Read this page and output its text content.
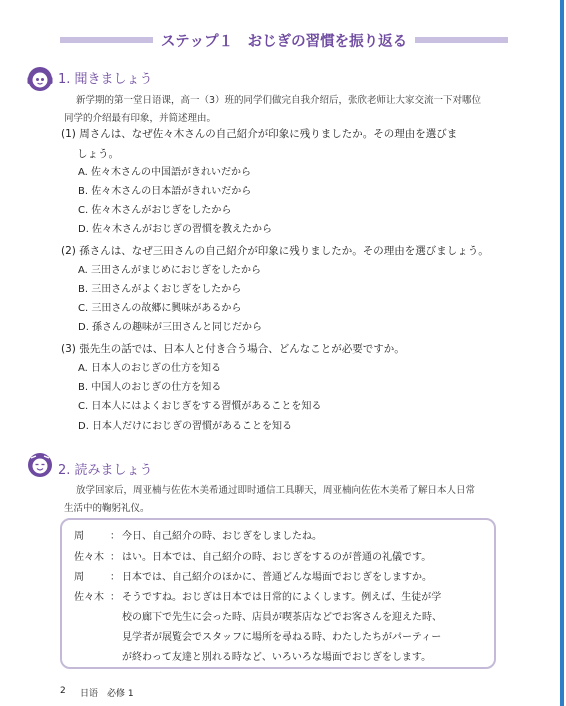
ステップ１　おじぎの習慣を振り返る
1. 聞きましょう
新学期的第一堂日语课，高一（3）班的同学们做完自我介绍后，张欣老师让大家交流一下对哪位
同学的介绍最有印象，并简述理由。
(1) 周さんは、なぜ佐々木さんの自己紹介が印象に残りましたか。その理由を選びま
しょう。
A. 佐々木さんの中国語がきれいだから
B. 佐々木さんの日本語がきれいだから
C. 佐々木さんがおじぎをしたから
D. 佐々木さんがおじぎの習慣を教えたから
(2) 孫さんは、なぜ三田さんの自己紹介が印象に残りましたか。その理由を選びましょう。
A. 三田さんがまじめにおじぎをしたから
B. 三田さんがよくおじぎをしたから
C. 三田さんの故郷に興味があるから
D. 孫さんの趣味が三田さんと同じだから
(3) 張先生の話では、日本人と付き合う場合、どんなことが必要ですか。
A. 日本人のおじぎの仕方を知る
B. 中国人のおじぎの仕方を知る
C. 日本人にはよくおじぎをする習慣があることを知る
D. 日本人だけにおじぎの習慣があることを知る
2. 読みましょう
放学回家后，周亚楠与佐佐木美希通过即时通信工具聊天，周亚楠向佐佐木美希了解日本人日常
生活中的鞠躬礼仪。
周	： 今日、自己紹介の時、おじぎをしましたね。
佐々木 ： はい。日本では、自己紹介の時、おじぎをするのが普通の礼儀です。
周	： 日本では、自己紹介のほかに、普通どんな場面でおじぎをしますか。
佐々木 ： そうですね。おじぎは日本では日常的によくします。例えば、生徒が学
校の廊下で先生に会った時、店員が喫茶店などでお客さんを迎えた時、
見学者が展覧会でスタッフに場所を尋ねる時、わたしたちがパーティー
が終わって友達と別れる時など、いろいろな場面でおじぎをします。
2 日语　必修 1
